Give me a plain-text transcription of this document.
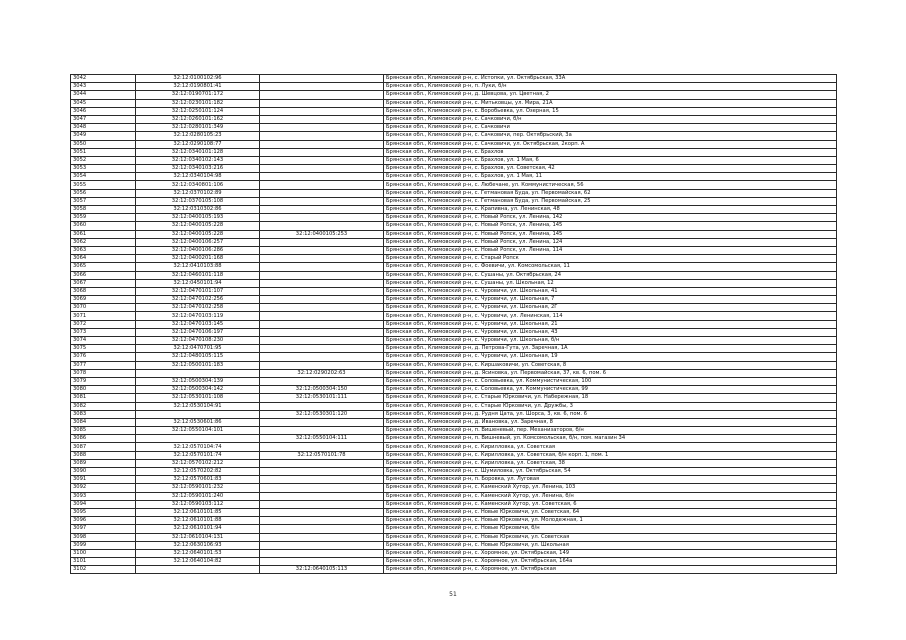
3042	32:12:0100102:96		Брянская обл., Климовский р-н, с. Истопки, ул. Октябрьская, 33А
3043	32:12:0190801:41		Брянская обл., Климовский р-н, п. Луки, б/н
3044	32:12:0190701:172		Брянская обл., Климовский р-н, д. Шевцова, ул. Цветная, 2
3045	32:12:0230101:182		Брянская обл., Климовский р-н, с. Митьковцы, ул. Мира, 21А
3046	32:12:0250101:124		Брянская обл., Климовский р-н, с. Воробьевка, ул. Озерная, 15
3047	32:12:0260101:162		Брянская обл., Климовский р-н, с. Сачковичи, б/н
3048	32:12:0280101:349		Брянская обл., Климовский р-н, с. Сачковичи
3049	32:12:0280105:23		Брянская обл., Климовский р-н, с. Сачковичи, пер. Октябрьский, 3а
3050	32:12:0290108:77		Брянская обл., Климовский р-н, с. Сачковичи, ул. Октябрьская, 2корп. А
3051	32:12:0340101:128		Брянская обл., Климовский р-н, с. Брахлов
3052	32:12:0340102:143		Брянская обл., Климовский р-н, с. Брахлов, ул. 1 Мая, 6
3053	32:12:0340103:216		Брянская обл., Климовский р-н, с. Брахлов, ул. Советская, 42
3054	32:12:0340104:98		Брянская обл., Климовский р-н, с. Брахлов, ул. 1 Мая, 11
3055	32:12:0340801:106		Брянская обл., Климовский р-н, с. Любечане, ул. Коммунистическая, 56
3056	32:12:0370102:89		Брянская обл., Климовский р-н, с. Гетмановая Буда, ул. Первомайская, 62
3057	32:12:0370105:108		Брянская обл., Климовский р-н, с. Гетмановая Буда, ул. Первомайская, 25
3058	32:12:0310302:86		Брянская обл., Климовский р-н, с. Крапивна, ул. Ленинская, 48
3059	32:12:0400105:193		Брянская обл., Климовский р-н, с. Новый Ропск, ул. Ленина, 142
3060	32:12:0400105:228		Брянская обл., Климовский р-н, с. Новый Ропск, ул. Ленина, 145
3061	32:12:0400105:228	32:12:0400105:253	Брянская обл., Климовский р-н, с. Новый Ропск, ул. Ленина, 145
3062	32:12:0400106:257		Брянская обл., Климовский р-н, с. Новый Ропск, ул. Ленина, 124
3063	32:12:0400106:286		Брянская обл., Климовский р-н, с. Новый Ропск, ул. Ленина, 114
3064	32:12:0400201:168		Брянская обл., Климовский р-н, с. Старый Ропск
3065	32:12:0410103:88		Брянская обл., Климовский р-н, с. Фоевичи, ул. Комсомольская, 11
3066	32:12:0460101:118		Брянская обл., Климовский р-н, с. Сушаны, ул. Октябрьская, 24
3067	32:12:0450101:94		Брянская обл., Климовский р-н, с. Сушаны, ул. Школьная, 12
3068	32:12:0470101:107		Брянская обл., Климовский р-н, с. Чуровичи, ул. Школьная, 41
3069	32:12:0470102:256		Брянская обл., Климовский р-н, с. Чуровичи, ул. Школьная, 7
3070	32:12:0470102:258		Брянская обл., Климовский р-н, с. Чуровичи, ул. Школьная, 2Г
3071	32:12:0470103:119		Брянская обл., Климовский р-н, с. Чуровичи, ул. Ленинская, 114
3072	32:12:0470103:145		Брянская обл., Климовский р-н, с. Чуровичи, ул. Школьная, 21
3073	32:12:0470106:197		Брянская обл., Климовский р-н, с. Чуровичи, ул. Школьная, 43
3074	32:12:0470108:230		Брянская обл., Климовский р-н, с. Чуровичи, ул. Школьная, б/н
3075	32:12:0470701:95		Брянская обл., Климовский р-н, д. Петрова-Гута, ул. Заречная, 1А
3076	32:12:0480105:115		Брянская обл., Климовский р-н, с. Чуровичи, ул. Школьная, 19
3077	32:12:0500101:183		Брянская обл., Климовский р-н, с. Киршаковичи, ул. Советская, 8
3078		32:12:0290202:63	Брянская обл., Климовский р-н, д. Ясиновка, ул. Первомайская, 37, кв. 6, пом. 6
3079	32:12:0500304:139		Брянская обл., Климовский р-н, с. Соловьевка, ул. Коммунистическая, 100
3080	32:12:0500304:142	32:12:0500304:150	Брянская обл., Климовский р-н, с. Соловьевка, ул. Коммунистическая, 99
3081	32:12:0530101:108	32:12:0530101:111	Брянская обл., Климовский р-н, с. Старые Юрковичи, ул. Набережная, 18
3082	32:12:0530104:91		Брянская обл., Климовский р-н, с. Старые Юрковичи, ул. Дружбы, 3
3083		32:12:0530301:120	Брянская обл., Климовский р-н, д. Рудня Цата, ул. Шорса, 3, кв. 6, пом. 6
3084	32:12:0530601:86		Брянская обл., Климовский р-н, д. Ивановка, ул. Заречная, 8
3085	32:12:0550104:101		Брянская обл., Климовский р-н, п. Вишеневый, пер. Механизаторов, б/н
3086		32:12:0550104:111	Брянская обл., Климовский р-н, п. Вишневый, ул. Комсомольская, б/н, пом. магазин 34
3087	32:12:0570104:74		Брянская обл., Климовский р-н, с. Кирилловка, ул. Советская
3088	32:12:0570101:74	32:12:0570101:78	Брянская обл., Климовский р-н, с. Кирилловка, ул. Советская, б/н корп. 1, пом. 1
3089	32:12:0570102:212		Брянская обл., Климовский р-н, с. Кирилловка, ул. Советская, 38
3090	32:12:0570202:82		Брянская обл., Климовский р-н, с. Шумиловка, ул. Октябрьская, 54
3091	32:12:0570601:83		Брянская обл., Климовский р-н, п. Боровка, ул. Луговая
3092	32:12:0590101:232		Брянская обл., Климовский р-н, с. Каменский Хутор, ул. Ленина, 103
3093	32:12:0590101:240		Брянская обл., Климовский р-н, с. Каменский Хутор, ул. Ленина, б/н
3094	32:12:0590103:112		Брянская обл., Климовский р-н, с. Каменский Хутор, ул. Советская, 6
3095	32:12:0610101:85		Брянская обл., Климовский р-н, с. Новые Юрковичи, ул. Советская, 64
3096	32:12:0610101:88		Брянская обл., Климовский р-н, с. Новые Юрковичи, ул. Молодежная, 1
3097	32:12:0610101:94		Брянская обл., Климовский р-н, с. Новые Юрковичи, б/н
3098	32:12:0610104:131		Брянская обл., Климовский р-н, с. Новые Юрковичи, ул. Советская
3099	32:12:0630106:93		Брянская обл., Климовский р-н, с. Новые Юрковичи, ул. Школьная
3100	32:12:0640101:53		Брянская обл., Климовский р-н, с. Хоромное, ул. Октябрьская, 149
3101	32:12:0640104:82		Брянская обл., Климовский р-н, с. Хоромное, ул. Октябрьская, 164а
3102		32:12:0640105:113	Брянская обл., Климовский р-н, с. Хоромное, ул. Октябрьская
51
